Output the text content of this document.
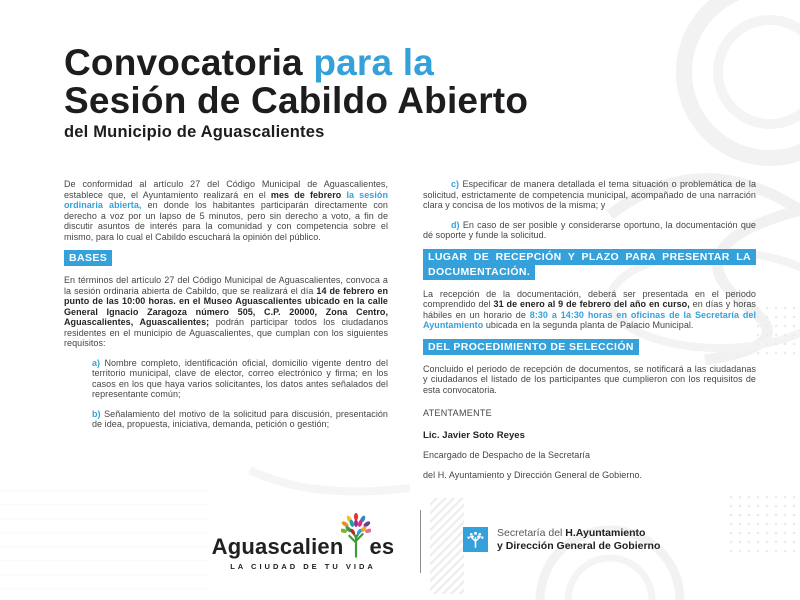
Convocatoria para la
Sesión de Cabildo Abierto
del Municipio de Aguascalientes

De conformidad al artículo 27 del Código Municipal de Aguascalientes, establece que, el Ayuntamiento realizará en el mes de febrero la sesión ordinaria abierta, en donde los habitantes participarán directamente con derecho a voz por un lapso de 5 minutos, pero sin derecho a voto, a fin de discutir asuntos de interés para la comunidad y con competencia sobre el mismo, para lo cual el Cabildo escuchará la opinión del público.

BASES

En términos del artículo 27 del Código Municipal de Aguascalientes, convoca a la sesión ordinaria abierta de Cabildo, que se realizará el día 14 de febrero en punto de las 10:00 horas. en el Museo Aguascalientes ubicado en la calle General Ignacio Zaragoza número 505, C.P. 20000, Zona Centro, Aguascalientes, Aguascalientes; podrán participar todos los ciudadanos residentes en el municipio de Aguascalientes, que cumplan con los siguientes requisitos:

a) Nombre completo, identificación oficial, domicilio vigente dentro del territorio municipal, clave de elector, correo electrónico y firma; en los casos en los que haya varios solicitantes, los datos antes señalados del representante común;

b) Señalamiento del motivo de la solicitud para discusión, presentación de idea, propuesta, iniciativa, demanda, petición o gestión;

c) Especificar de manera detallada el tema situación o problemática de la solicitud, estrictamente de competencia municipal, acompañado de una narración clara y concisa de los motivos de la misma; y

d) En caso de ser posible y considerarse oportuno, la documentación que dé soporte y funde la solicitud.

LUGAR DE RECEPCIÓN Y PLAZO PARA PRESENTAR LA DOCUMENTACIÓN.

La recepción de la documentación, deberá ser presentada en el periodo comprendido del 31 de enero al 9 de febrero del año en curso, en días y horas hábiles en un horario de 8:30 a 14:30 horas en oficinas de la Secretaría del Ayuntamiento ubicada en la segunda planta de Palacio Municipal.

DEL PROCEDIMIENTO DE SELECCIÓN

Concluido el periodo de recepción de documentos, se notificará a las ciudadanas y ciudadanos el listado de los participantes que cumplieron con los requisitos de esta convocatoria.

ATENTAMENTE

Lic. Javier Soto Reyes

Encargado de Despacho de la Secretaría

del H. Ayuntamiento y Dirección General de Gobierno.

Aguascalien es
LA CIUDAD DE TU VIDA
Secretaría del H.Ayuntamiento
y Dirección General de Gobierno
